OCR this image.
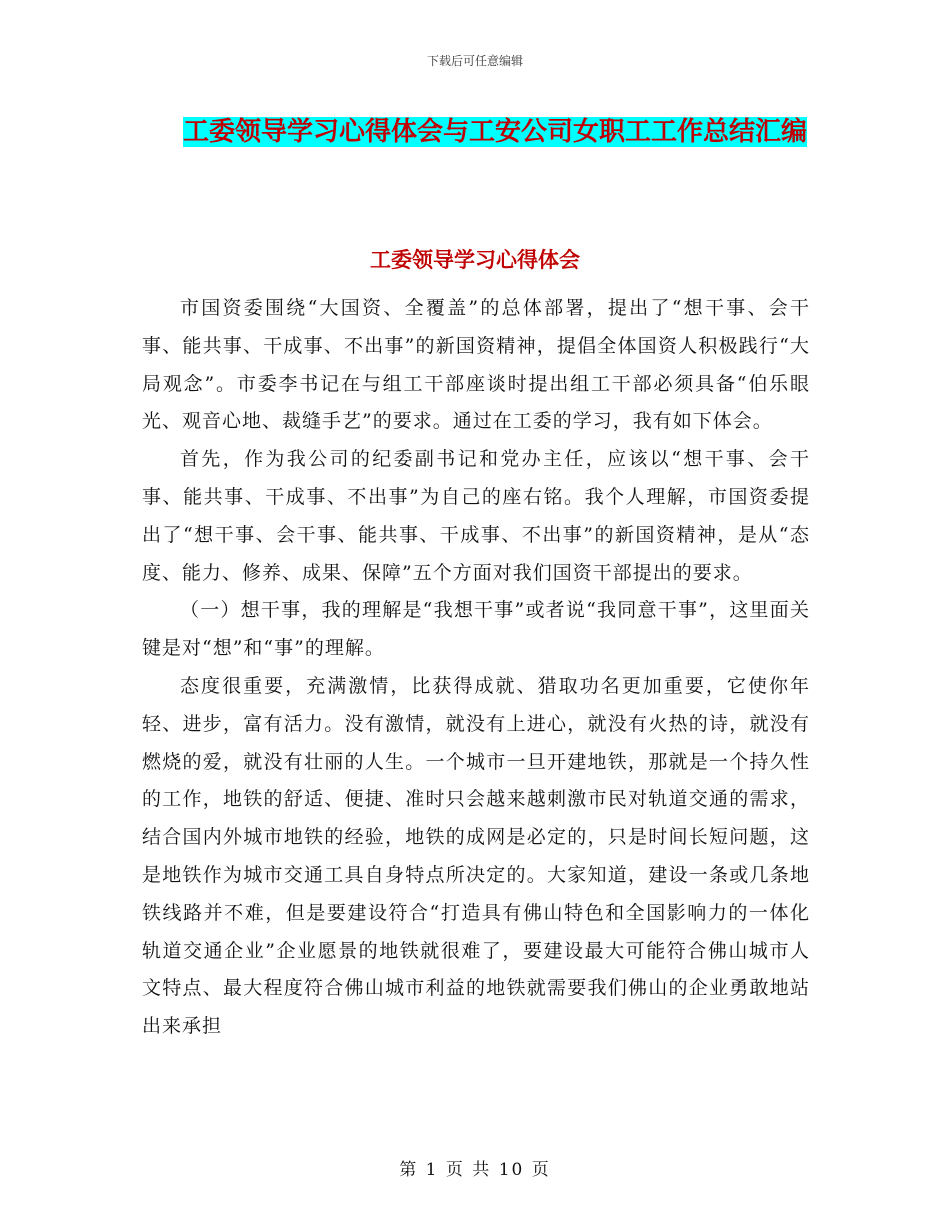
下载后可任意编辑
工委领导学习心得体会与工安公司女职工工作总结汇编
工委领导学习心得体会

市国资委围绕“大国资、全覆盖”的总体部署，提出了“想干事、会干事、能共事、干成事、不出事”的新国资精神，提倡全体国资人积极践行“大局观念”。市委李书记在与组工干部座谈时提出组工干部必须具备“伯乐眼光、观音心地、裁缝手艺”的要求。通过在工委的学习，我有如下体会。

首先，作为我公司的纪委副书记和党办主任，应该以“想干事、会干事、能共事、干成事、不出事”为自己的座右铭。我个人理解，市国资委提出了“想干事、会干事、能共事、干成事、不出事”的新国资精神，是从“态度、能力、修养、成果、保障”五个方面对我们国资干部提出的要求。

（一）想干事，我的理解是“我想干事”或者说“我同意干事”，这里面关键是对“想”和“事”的理解。

态度很重要，充满激情，比获得成就、猎取功名更加重要，它使你年轻、进步，富有活力。没有激情，就没有上进心，就没有火热的诗，就没有燃烧的爱，就没有壮丽的人生。一个城市一旦开建地铁，那就是一个持久性的工作，地铁的舒适、便捷、准时只会越来越刺激市民对轨道交通的需求，结合国内外城市地铁的经验，地铁的成网是必定的，只是时间长短问题，这是地铁作为城市交通工具自身特点所决定的。大家知道，建设一条或几条地铁线路并不难，但是要建设符合“打造具有佛山特色和全国影响力的一体化轨道交通企业”企业愿景的地铁就很难了，要建设最大可能符合佛山城市人文特点、最大程度符合佛山城市利益的地铁就需要我们佛山的企业勇敢地站出来承担

第 1 页 共 10 页
